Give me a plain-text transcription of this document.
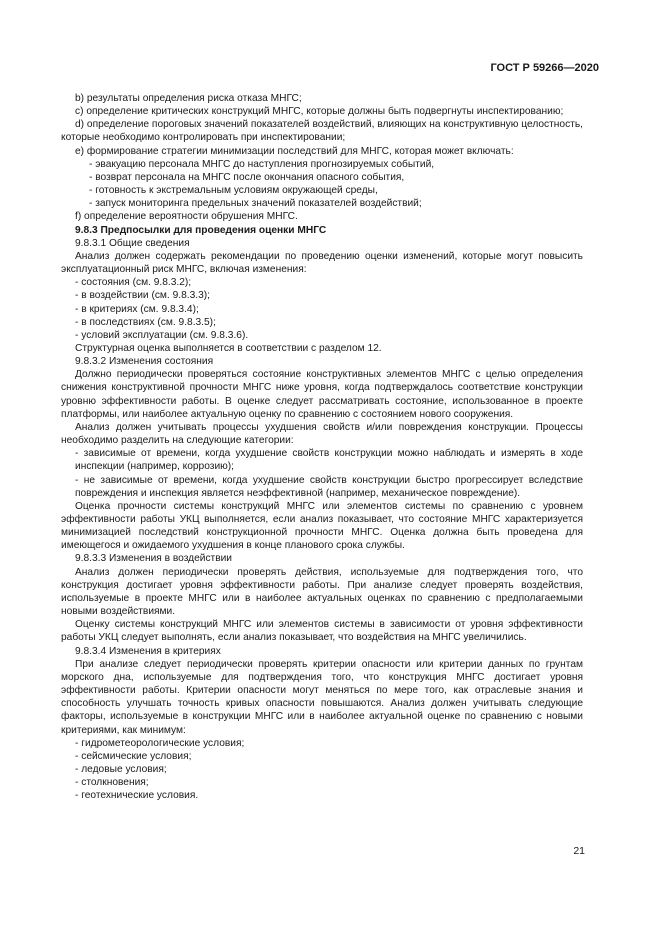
ГОСТ Р 59266—2020

b) результаты определения риска отказа МНГС;

c) определение критических конструкций МНГС, которые должны быть подвергнуты инспектированию;

d) определение пороговых значений показателей воздействий, влияющих на конструктивную целостность, которые необходимо контролировать при инспектировании;

e) формирование стратегии минимизации последствий для МНГС, которая может включать:

- эвакуацию персонала МНГС до наступления прогнозируемых событий,

- возврат персонала на МНГС после окончания опасного события,

- готовность к экстремальным условиям окружающей среды,

- запуск мониторинга предельных значений показателей воздействий;

f) определение вероятности обрушения МНГС.

9.8.3 Предпосылки для проведения оценки МНГС

9.8.3.1 Общие сведения

Анализ должен содержать рекомендации по проведению оценки изменений, которые могут повысить эксплуатационный риск МНГС, включая изменения:

- состояния (см. 9.8.3.2);

- в воздействии (см. 9.8.3.3);

- в критериях (см. 9.8.3.4);

- в последствиях (см. 9.8.3.5);

- условий эксплуатации (см. 9.8.3.6).

Структурная оценка выполняется в соответствии с разделом 12.

9.8.3.2 Изменения состояния

Должно периодически проверяться состояние конструктивных элементов МНГС с целью определения снижения конструктивной прочности МНГС ниже уровня, когда подтверждалось соответствие конструкции уровню эффективности работы. В оценке следует рассматривать состояние, использованное в проекте платформы, или наиболее актуальную оценку по сравнению с состоянием нового сооружения.

Анализ должен учитывать процессы ухудшения свойств и/или повреждения конструкции. Процессы необходимо разделить на следующие категории:

- зависимые от времени, когда ухудшение свойств конструкции можно наблюдать и измерять в ходе инспекции (например, коррозию);

- не зависимые от времени, когда ухудшение свойств конструкции быстро прогрессирует вследствие повреждения и инспекция является неэффективной (например, механическое повреждение).

Оценка прочности системы конструкций МНГС или элементов системы по сравнению с уровнем эффективности работы УКЦ выполняется, если анализ показывает, что состояние МНГС характеризуется минимизацией последствий конструкционной прочности МНГС. Оценка должна быть проведена для имеющегося и ожидаемого ухудшения в конце планового срока службы.

9.8.3.3 Изменения в воздействии

Анализ должен периодически проверять действия, используемые для подтверждения того, что конструкция достигает уровня эффективности работы. При анализе следует проверять воздействия, используемые в проекте МНГС или в наиболее актуальных оценках по сравнению с предполагаемыми новыми воздействиями.

Оценку системы конструкций МНГС или элементов системы в зависимости от уровня эффективности работы УКЦ следует выполнять, если анализ показывает, что воздействия на МНГС увеличились.

9.8.3.4 Изменения в критериях

При анализе следует периодически проверять критерии опасности или критерии данных по грунтам морского дна, используемые для подтверждения того, что конструкция МНГС достигает уровня эффективности работы. Критерии опасности могут меняться по мере того, как отраслевые знания и способность улучшать точность кривых опасности повышаются. Анализ должен учитывать следующие факторы, используемые в конструкции МНГС или в наиболее актуальной оценке по сравнению с новыми критериями, как минимум:

- гидрометеорологические условия;

- сейсмические условия;

- ледовые условия;

- столкновения;

- геотехнические условия.

21
